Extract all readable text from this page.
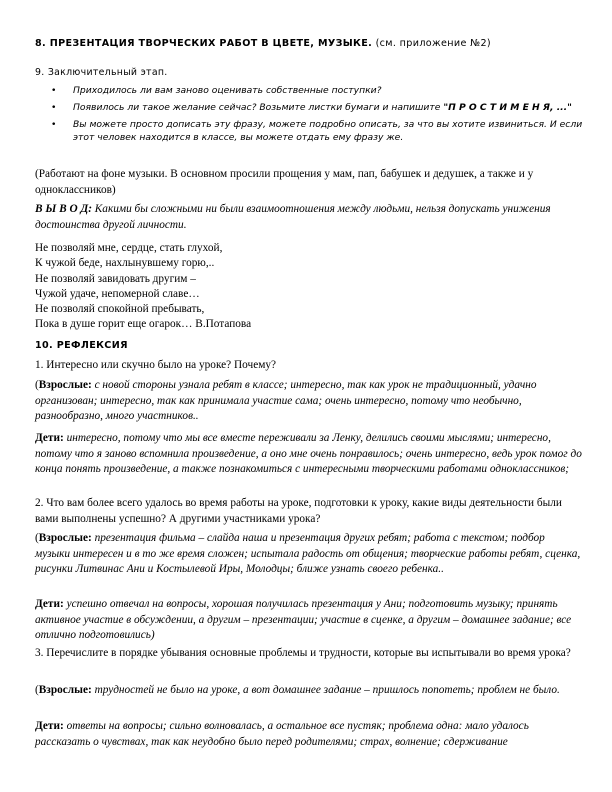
8. ПРЕЗЕНТАЦИЯ ТВОРЧЕСКИХ РАБОТ В ЦВЕТЕ, МУЗЫКЕ. (см. приложение №2)
9. Заключительный этап.
• Приходилось ли вам заново оценивать собственные поступки?
• Появилось ли такое желание сейчас? Возьмите листки бумаги и напишите "П Р О С Т И М Е Н Я, ..."
• Вы можете просто дописать эту фразу, можете подробно описать, за что вы хотите извиниться. И если этот человек находится в классе, вы можете отдать ему фразу же.
(Работают на фоне музыки. В основном просили прощения у мам, пап, бабушек и дедушек, а также и у одноклассников)
В Ы В О Д: Какими бы сложными ни были взаимоотношения между людьми, нельзя допускать унижения достоинства другой личности.
Не позволяй мне, сердце, стать глухой,
К чужой беде, нахлынувшему горю,..
Не позволяй завидовать другим –
Чужой удаче, непомерной славе…
Не позволяй спокойной пребывать,
Пока в душе горит еще огарок… В.Потапова
10. РЕФЛЕКСИЯ
1. Интересно или скучно было на уроке? Почему?
(Взрослые: с новой стороны узнала ребят в классе; интересно, так как урок не традиционный, удачно организован; интересно, так как принимала участие сама; очень интересно, потому что необычно, разнообразно, много участников..
Дети: интересно, потому что мы все вместе переживали за Ленку, делились своими мыслями; интересно, потому что я заново вспомнила произведение, а оно мне очень понравилось; очень интересно, ведь урок помог до конца понять произведение, а также познакомиться с интересными творческими работами одноклассников;
2. Что вам более всего удалось во время работы на уроке, подготовки к уроку, какие виды деятельности были вами выполнены успешно? А другими участниками урока?
(Взрослые: презентация фильма – слайда наша и презентация других ребят; работа с текстом; подбор музыки интересен и в то же время сложен; испытала радость от общения; творческие работы ребят, сценка, рисунки Литвинас Ани и Костылевой Иры, Молодцы; ближе узнать своего ребенка..
Дети: успешно отвечал на вопросы, хорошая получилась презентация у Ани; подготовить музыку; принять активное участие в обсуждении, а другим – презентации; участие в сценке, а другим – домашнее задание; все отлично подготовились)
3. Перечислите в порядке убывания основные проблемы и трудности, которые вы испытывали во время урока?
(Взрослые: трудностей не было на уроке, а вот домашнее задание – пришлось попотеть; проблем не было.
Дети: ответы на вопросы; сильно волновалась, а остальное все пустяк; проблема одна: мало удалось рассказать о чувствах, так как неудобно было перед родителями; страх, волнение; сдерживание
